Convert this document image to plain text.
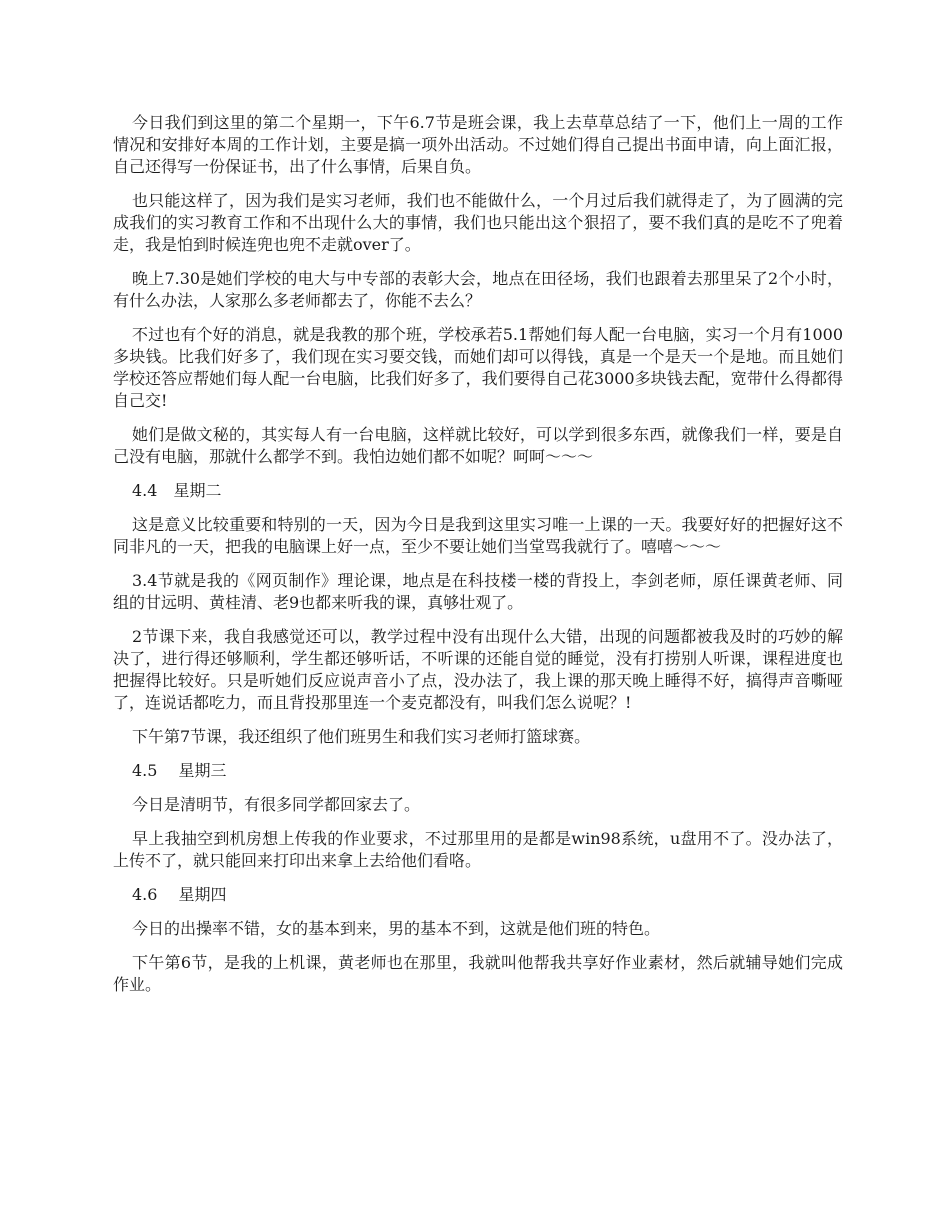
今日我们到这里的第二个星期一，下午6.7节是班会课，我上去草草总结了一下，他们上一周的工作情况和安排好本周的工作计划，主要是搞一项外出活动。不过她们得自己提出书面申请，向上面汇报，自己还得写一份保证书，出了什么事情，后果自负。

也只能这样了，因为我们是实习老师，我们也不能做什么，一个月过后我们就得走了，为了圆满的完成我们的实习教育工作和不出现什么大的事情，我们也只能出这个狠招了，要不我们真的是吃不了兜着走，我是怕到时候连兜也兜不走就over了。

晚上7.30是她们学校的电大与中专部的表彰大会，地点在田径场，我们也跟着去那里呆了2个小时，有什么办法，人家那么多老师都去了，你能不去么？

不过也有个好的消息，就是我教的那个班，学校承若5.1帮她们每人配一台电脑，实习一个月有1000多块钱。比我们好多了，我们现在实习要交钱，而她们却可以得钱，真是一个是天一个是地。而且她们学校还答应帮她们每人配一台电脑，比我们好多了，我们要得自己花3000多块钱去配，宽带什么得都得自己交!

她们是做文秘的，其实每人有一台电脑，这样就比较好，可以学到很多东西，就像我们一样，要是自己没有电脑，那就什么都学不到。我怕边她们都不如呢？呵呵～～～

4.4　星期二

这是意义比较重要和特别的一天，因为今日是我到这里实习唯一上课的一天。我要好好的把握好这不同非凡的一天，把我的电脑课上好一点，至少不要让她们当堂骂我就行了。嘻嘻～～～

3.4节就是我的《网页制作》理论课，地点是在科技楼一楼的背投上，李剑老师，原任课黄老师、同组的甘远明、黄桂清、老9也都来听我的课，真够壮观了。

2节课下来，我自我感觉还可以，教学过程中没有出现什么大错，出现的问题都被我及时的巧妙的解决了，进行得还够顺利，学生都还够听话，不听课的还能自觉的睡觉，没有打捞别人听课，课程进度也把握得比较好。只是听她们反应说声音小了点，没办法了，我上课的那天晚上睡得不好，搞得声音嘶哑了，连说话都吃力，而且背投那里连一个麦克都没有，叫我们怎么说呢？!

下午第7节课，我还组织了他们班男生和我们实习老师打篮球赛。

4.5　 星期三

今日是清明节，有很多同学都回家去了。

早上我抽空到机房想上传我的作业要求，不过那里用的是都是win98系统，u盘用不了。没办法了，上传不了，就只能回来打印出来拿上去给他们看咯。

4.6　 星期四

今日的出操率不错，女的基本到来，男的基本不到，这就是他们班的特色。

下午第6节，是我的上机课，黄老师也在那里，我就叫他帮我共享好作业素材，然后就辅导她们完成作业。
